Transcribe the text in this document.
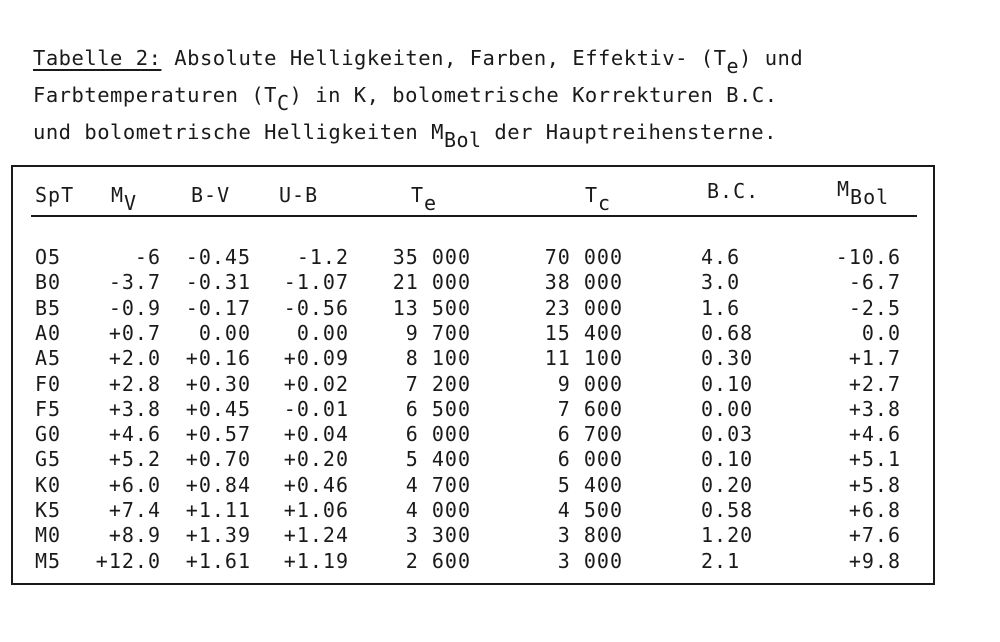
Tabelle 2: Absolute Helligkeiten, Farben, Effektiv- $(T_e)$ und
Farbtemperaturen $(T_C)$ in K, bolometrische Korrekturen B.C.
und bolometrische Helligkeiten $M_{Bol}$ der Hauptreihensterne.
SpT $M_V$	B-V U-B	$T_e$	$T_c$	B.C.	$M_{Bol}$
O5	-6 -0.45 -1.2 35 000	70 000	4.6	-10.6
B0 -3.7 -0.31 -1.07 21 000	38 000	3.0	-6.7
B5 -0.9 -0.17 -0.56 13 500	23 000	1.6	-2.5
A0 +0.7 0.00 0.00	9 700	15 400	0.68	0.0
A5 +2.0 +0.16 +0.09	8 100	11 100	0.30	+1.7
F0 +2.8 +0.30 +0.02	7 200	9 000	0.10	+2.7
F5 +3.8 +0.45 -0.01	6 500	7 600	0.00	+3.8
G0 +4.6 +0.57 +0.04	6 000	6 700	0.03	+4.6
G5 +5.2 +0.70 +0.20	5 400	6 000	0.10	+5.1
K0 +6.0 +0.84 +0.46	4 700	5 400	0.20	+5.8
K5 +7.4 +1.11 +1.06	4 000	4 500	0.58	+6.8
M0 +8.9 +1.39 +1.24	3 300	3 800	1.20	+7.6
M5 +12.0 +1.61 +1.19	2 600	3 000	2.1	+9.8
